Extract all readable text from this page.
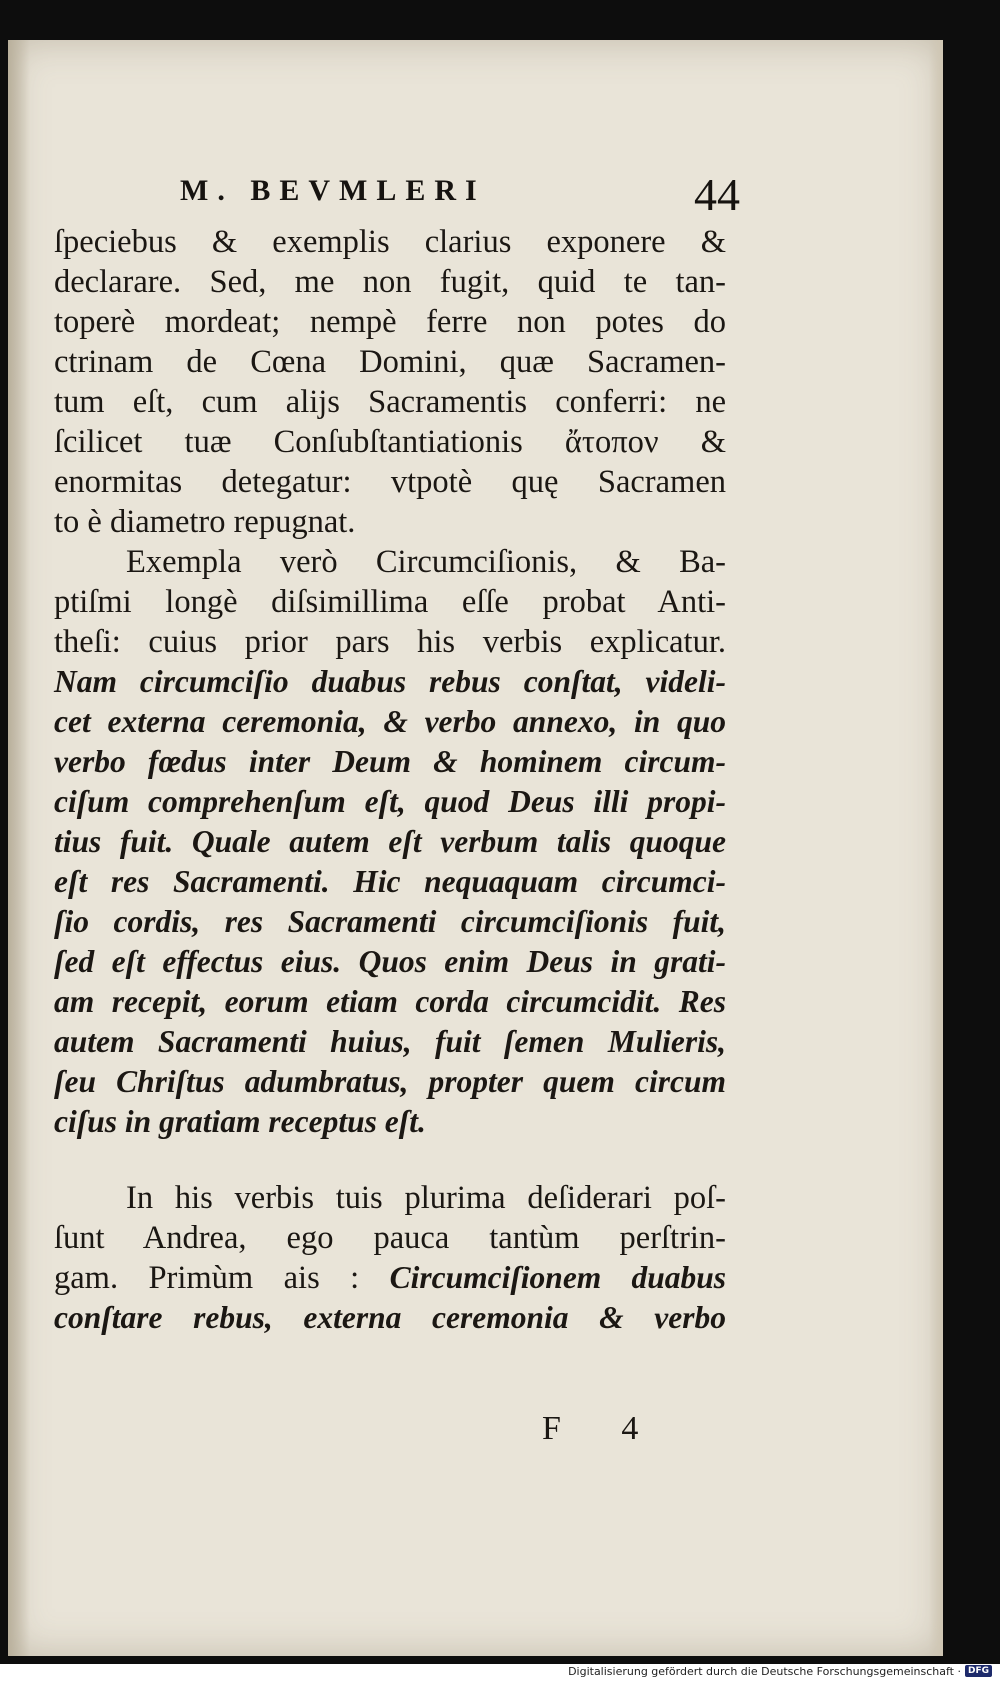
M. BEVMLERI	44
ſpeciebus & exemplis clarius exponere &
declarare. Sed, me non fugit, quid te tan-
toperè mordeat; nempè ferre non potes do
ctrinam de Cœna Domini, quæ Sacramen-
tum eſt, cum alijs Sacramentis conferri: ne
ſcilicet tuæ Conſubſtantiationis ἄτοπον &
enormitas detegatur: vtpotè quę Sacramen
to è diametro repugnat.
Exempla verò Circumciſionis, & Ba-
ptiſmi longè diſsimillima eſſe probat Anti-
theſi: cuius prior pars his verbis explicatur.
Nam circumciſio duabus rebus conſtat, videli-
cet externa ceremonia, & verbo annexo, in quo
verbo fœdus inter Deum & hominem circum-
ciſum comprehenſum eſt, quod Deus illi propi-
tius fuit. Quale autem eſt verbum talis quoque
eſt res Sacramenti. Hic nequaquam circumci-
ſio cordis, res Sacramenti circumciſionis fuit,
ſed eſt effectus eius. Quos enim Deus in grati-
am recepit, eorum etiam corda circumcidit. Res
autem Sacramenti huius, fuit ſemen Mulieris,
ſeu Chriſtus adumbratus, propter quem circum
ciſus in gratiam receptus eſt.
In his verbis tuis plurima deſiderari poſ-
ſunt Andrea, ego pauca tantùm perſtrin-
gam. Primùm ais : Circumciſionem duabus
conſtare rebus, externa ceremonia & verbo
F 4
Digitalisierung gefördert durch die Deutsche Forschungsgemeinschaft · DFG
